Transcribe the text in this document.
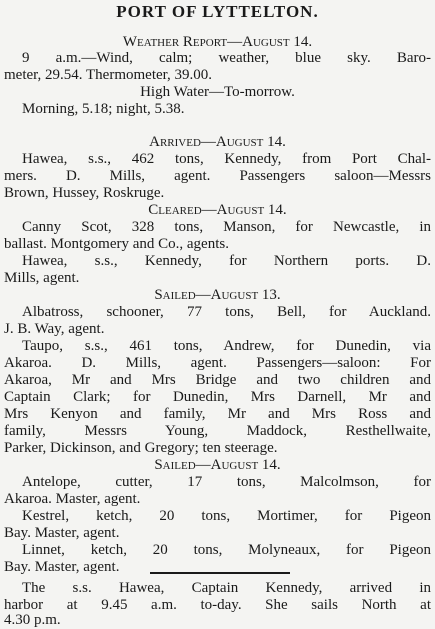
PORT OF LYTTELTON.
Weather Report—August 14.
9 a.m.—Wind, calm; weather, blue sky. Baro-
meter, 29.54. Thermometer, 39.00.
High Water—To-morrow.
Morning, 5.18; night, 5.38.
Arrived—August 14.
Hawea, s.s., 462 tons, Kennedy, from Port Chal-
mers. D. Mills, agent. Passengers saloon—Messrs
Brown, Hussey, Roskruge.
Cleared—August 14.
Canny Scot, 328 tons, Manson, for Newcastle, in
ballast. Montgomery and Co., agents.
Hawea, s.s., Kennedy, for Northern ports. D.
Mills, agent.
Sailed—August 13.
Albatross, schooner, 77 tons, Bell, for Auckland.
J. B. Way, agent.
Taupo, s.s., 461 tons, Andrew, for Dunedin, via
Akaroa. D. Mills, agent. Passengers—saloon: For
Akaroa, Mr and Mrs Bridge and two children and
Captain Clark; for Dunedin, Mrs Darnell, Mr and
Mrs Kenyon and family, Mr and Mrs Ross and
family, Messrs Young, Maddock, Resthellwaite,
Parker, Dickinson, and Gregory; ten steerage.
Sailed—August 14.
Antelope, cutter, 17 tons, Malcolmson, for
Akaroa. Master, agent.
Kestrel, ketch, 20 tons, Mortimer, for Pigeon
Bay. Master, agent.
Linnet, ketch, 20 tons, Molyneaux, for Pigeon
Bay. Master, agent.
The s.s. Hawea, Captain Kennedy, arrived in
harbor at 9.45 a.m. to-day. She sails North at
4.30 p.m.
